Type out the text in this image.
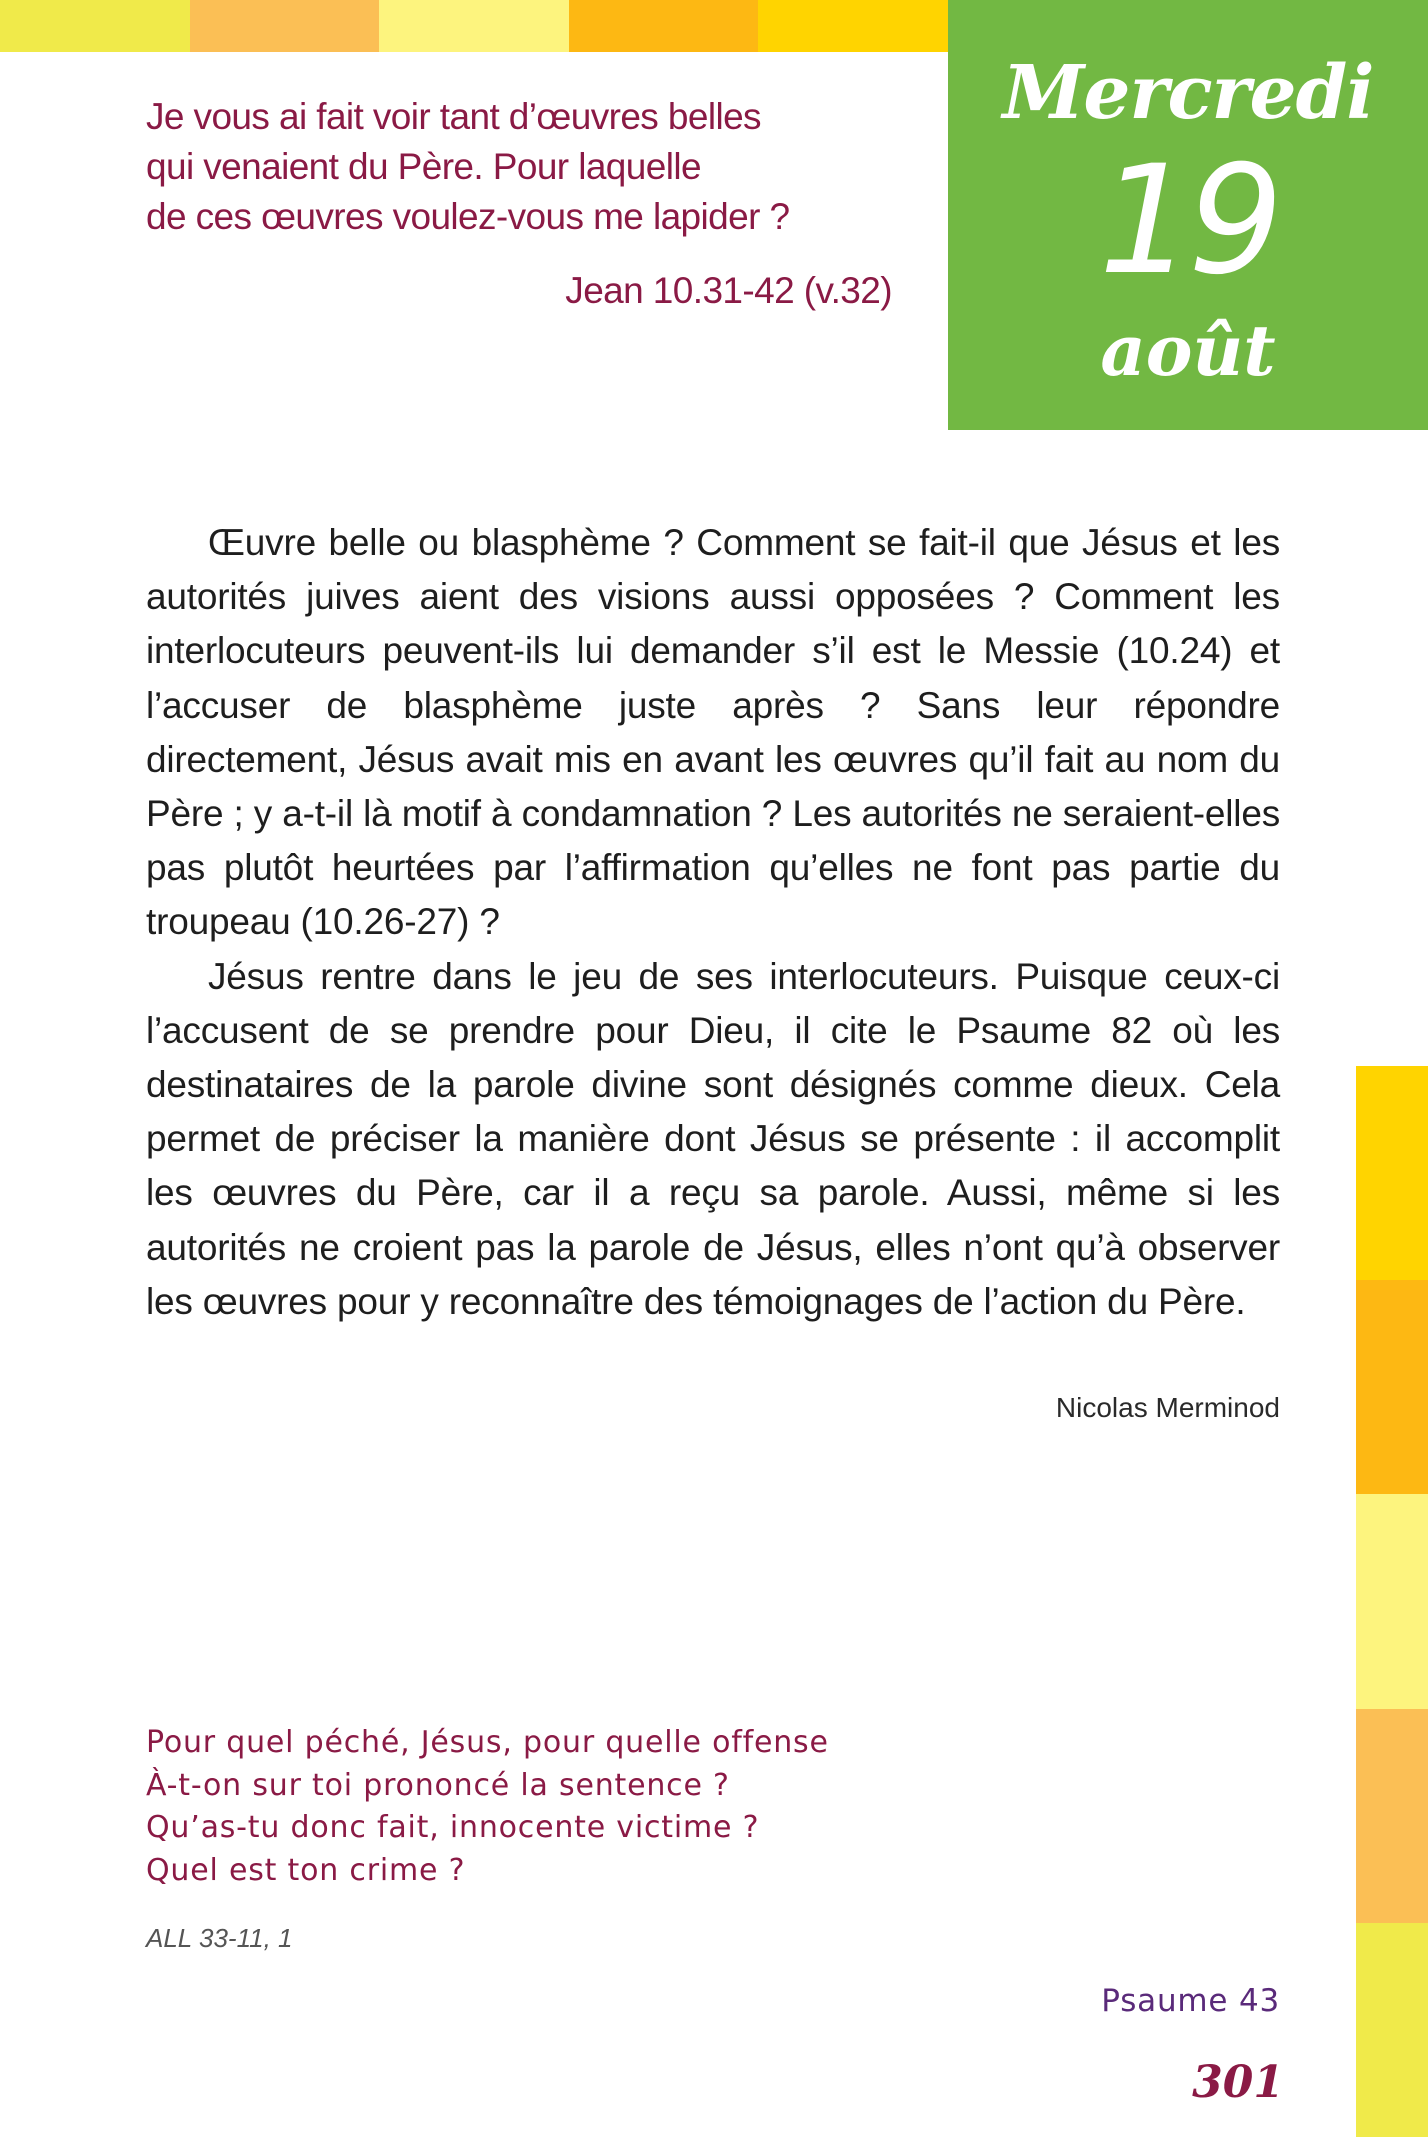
Mercredi
19
août
Je vous ai fait voir tant d’œuvres belles
qui venaient du Père. Pour laquelle
de ces œuvres voulez-vous me lapider ?
Jean 10.31-42 (v.32)

Œuvre belle ou blasphème ? Comment se fait-il que Jésus et les autorités juives aient des visions aussi opposées ? Comment les interlocuteurs peuvent-ils lui demander s’il est le Messie (10.24) et l’accuser de blasphème juste après ? Sans leur répondre directement, Jésus avait mis en avant les œuvres qu’il fait au nom du Père ; y a-t-il là motif à condamnation ? Les autorités ne seraient-elles pas plutôt heurtées par l’affirmation qu’elles ne font pas partie du troupeau (10.26-27) ?

Jésus rentre dans le jeu de ses interlocuteurs. Puisque ceux-ci l’accusent de se prendre pour Dieu, il cite le Psaume 82 où les destinataires de la parole divine sont désignés comme dieux. Cela permet de préciser la manière dont Jésus se présente : il accomplit les œuvres du Père, car il a reçu sa parole. Aussi, même si les autorités ne croient pas la parole de Jésus, elles n’ont qu’à observer les œuvres pour y reconnaître des témoignages de l’action du Père.

Nicolas Merminod
Pour quel péché, Jésus, pour quelle offense
À-t-on sur toi prononcé la sentence ?
Qu’as-tu donc fait, innocente victime ?
Quel est ton crime ?
ALL 33-11, 1
Psaume 43
301
